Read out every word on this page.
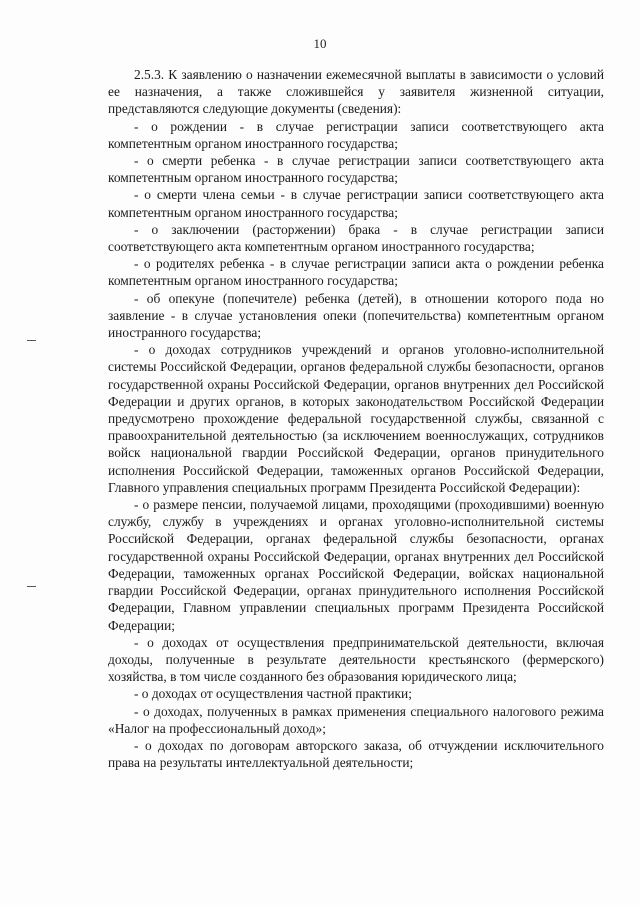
10

2.5.3. К заявлению о назначении ежемесячной выплаты в зависимости о условий ее назначения, а также сложившейся у заявителя жизненной ситуации, представляются следующие документы (сведения):

- о рождении - в случае регистрации записи соответствующего акта компетентным органом иностранного государства;

- о смерти ребенка - в случае регистрации записи соответствующего акта компетентным органом иностранного государства;

- о смерти члена семьи - в случае регистрации записи соответствующего акта компетентным органом иностранного государства;

- о заключении (расторжении) брака - в случае регистрации записи соответствующего акта компетентным органом иностранного государства;

- о родителях ребенка - в случае регистрации записи акта о рождении ребенка компетентным органом иностранного государства;

- об опекуне (попечителе) ребенка (детей), в отношении которого пода но заявление - в случае установления опеки (попечительства) компетентным органом иностранного государства;

- о доходах сотрудников учреждений и органов уголовно-исполнительной системы Российской Федерации, органов федеральной службы безопасности, органов государственной охраны Российской Федерации, органов внутренних дел Российской Федерации и других органов, в которых законодательством Российской Федерации предусмотрено прохождение федеральной государственной службы, связанной с правоохранительной деятельностью (за исключением военнослужащих, сотрудников войск национальной гвардии Российской Федерации, органов принудительного исполнения Российской Федерации, таможенных органов Российской Федерации, Главного управления специальных программ Президента Российской Федерации):

- о размере пенсии, получаемой лицами, проходящими (проходившими) военную службу, службу в учреждениях и органах уголовно-исполнительной системы Российской Федерации, органах федеральной службы безопасности, органах государственной охраны Российской Федерации, органах внутренних дел Российской Федерации, таможенных органах Российской Федерации, войсках национальной гвардии Российской Федерации, органах принудительного исполнения Российской Федерации, Главном управлении специальных программ Президента Российской Федерации;

- о доходах от осуществления предпринимательской деятельности, включая доходы, полученные в результате деятельности крестьянского (фермерского) хозяйства, в том числе созданного без образования юридического лица;

- о доходах от осуществления частной практики;

- о доходах, полученных в рамках применения специального налогового режима «Налог на профессиональный доход»;

- о доходах по договорам авторского заказа, об отчуждении исключительного права на результаты интеллектуальной деятельности;
